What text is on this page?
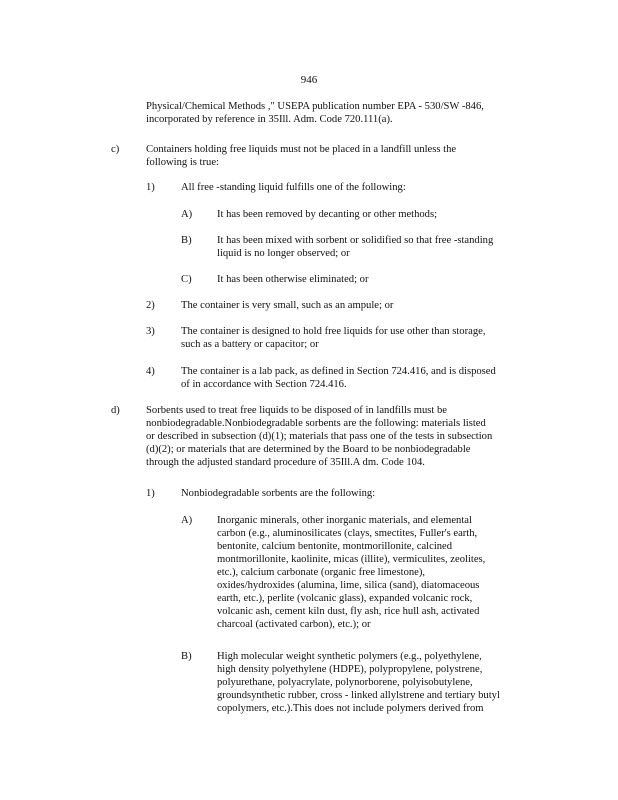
946
Physical/Chemical Methods ," USEPA publication number EPA - 530/SW -846,
incorporated by reference in 35Ill. Adm. Code 720.111(a).
c)	Containers holding free liquids must not be placed in a landfill unless the
following is true:
1) All free -standing liquid fulfills one of the following:
A) It has been removed by decanting or other methods;
B) It has been mixed with sorbent or solidified so that free -standing
liquid is no longer observed; or
C) It has been otherwise eliminated; or
2) The container is very small, such as an ampule; or
3) The container is designed to hold free liquids for use other than storage,
such as a battery or capacitor; or
4) The container is a lab pack, as defined in Section 724.416, and is disposed
of in accordance with Section 724.416.
d) Sorbents used to treat free liquids to be disposed of in landfills must be
nonbiodegradable.Nonbiodegradable sorbents are the following: materials listed
or described in subsection (d)(1); materials that pass one of the tests in subsection
(d)(2); or materials that are determined by the Board to be nonbiodegradable
through the adjusted standard procedure of 35Ill.A dm. Code 104.
1) Nonbiodegradable sorbents are the following:
A) Inorganic minerals, other inorganic materials, and elemental
carbon (e.g., aluminosilicates (clays, smectites, Fuller's earth,
bentonite, calcium bentonite, montmorillonite, calcined
montmorillonite, kaolinite, micas (illite), vermiculites, zeolites,
etc.), calcium carbonate (organic free limestone),
oxides/hydroxides (alumina, lime, silica (sand), diatomaceous
earth, etc.), perlite (volcanic glass), expanded volcanic rock,
volcanic ash, cement kiln dust, fly ash, rice hull ash, activated
charcoal (activated carbon), etc.); or
B) High molecular weight synthetic polymers (e.g., polyethylene,
high density polyethylene (HDPE), polypropylene, polystrene,
polyurethane, polyacrylate, polynorborene, polyisobutylene,
groundsynthetic rubber, cross - linked allylstrene and tertiary butyl
copolymers, etc.).This does not include polymers derived from
